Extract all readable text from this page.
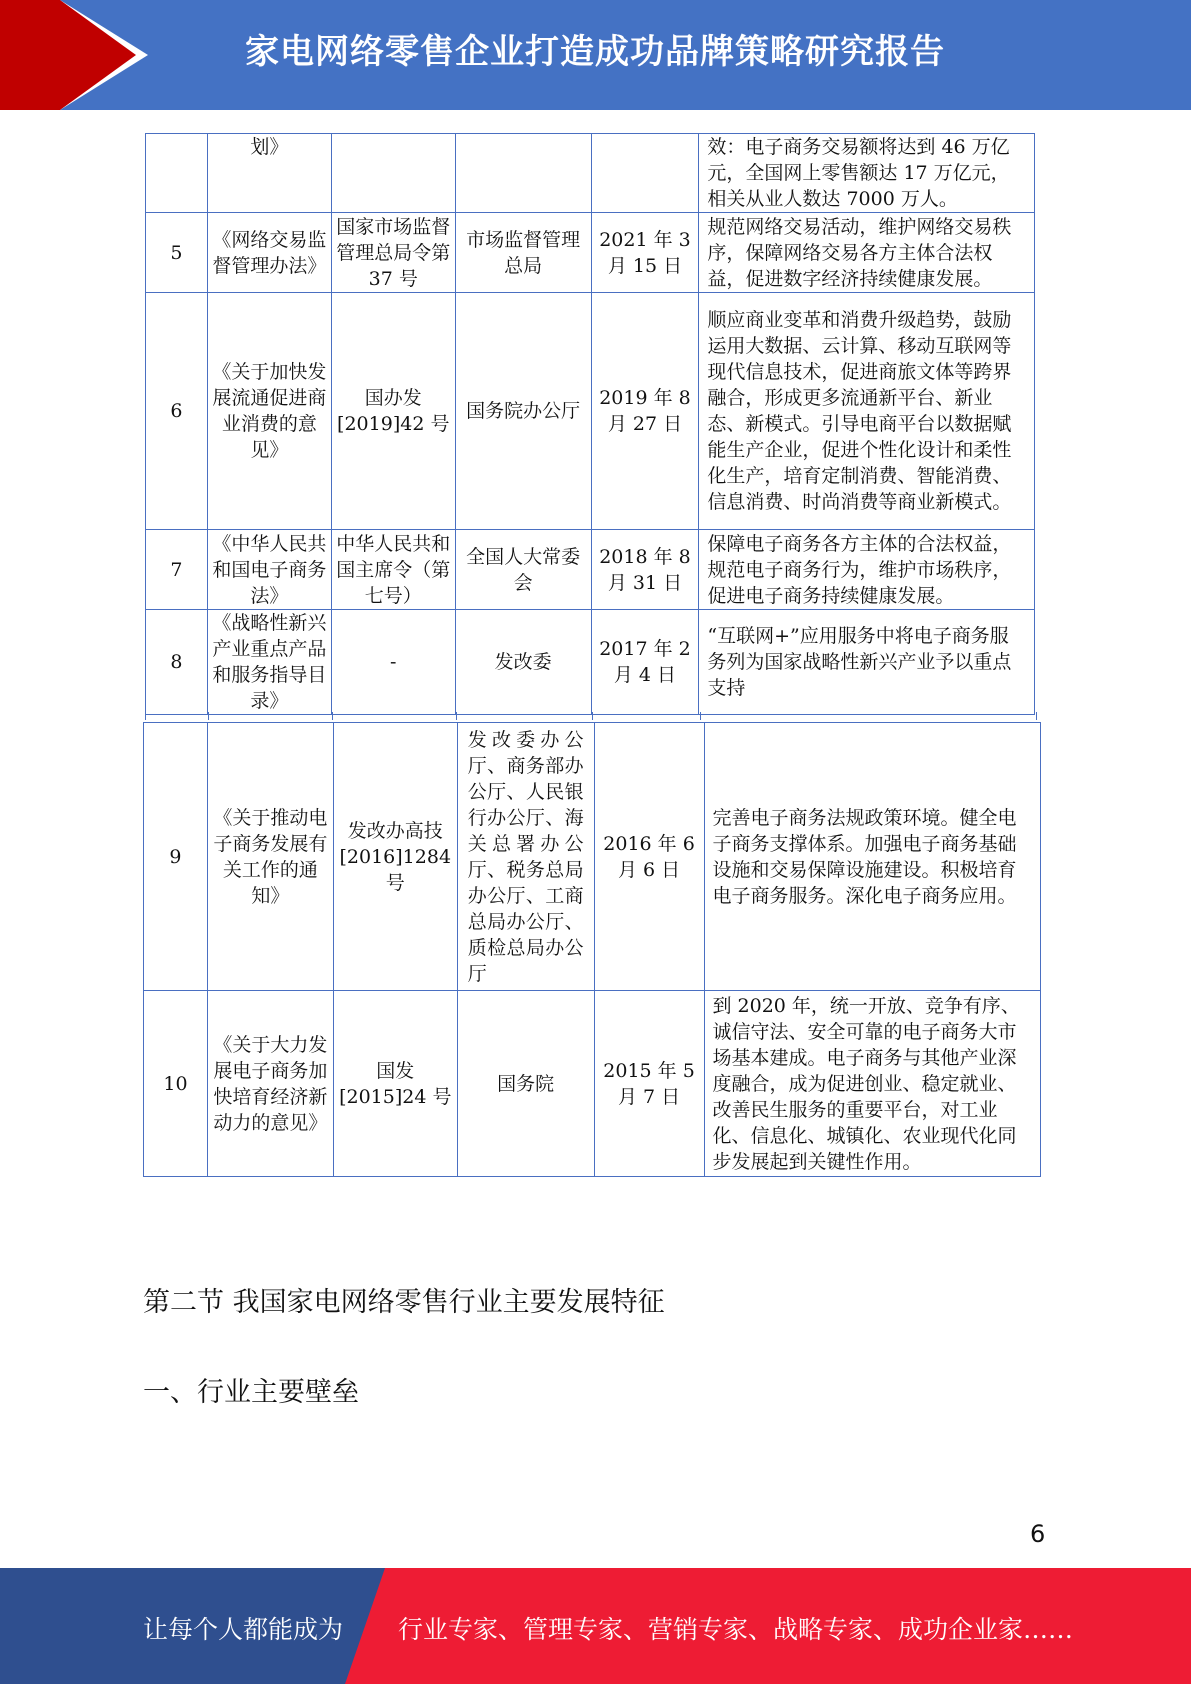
家电网络零售企业打造成功品牌策略研究报告
	划》				效：电子商务交易额将达到 46 万亿元，全国网上零售额达 17 万亿元，相关从业人数达 7000 万人。
5	《网络交易监督管理办法》	国家市场监督管理总局令第 37 号	市场监督管理总局	2021 年 3 月 15 日	规范网络交易活动，维护网络交易秩序，保障网络交易各方主体合法权益，促进数字经济持续健康发展。
6	《关于加快发展流通促进商业消费的意见》	国办发 [2019]42 号	国务院办公厅	2019 年 8 月 27 日	顺应商业变革和消费升级趋势，鼓励运用大数据、云计算、移动互联网等现代信息技术，促进商旅文体等跨界融合，形成更多流通新平台、新业态、新模式。引导电商平台以数据赋能生产企业，促进个性化设计和柔性化生产，培育定制消费、智能消费、信息消费、时尚消费等商业新模式。
7	《中华人民共和国电子商务法》	中华人民共和国主席令（第七号）	全国人大常委会	2018 年 8 月 31 日	保障电子商务各方主体的合法权益，规范电子商务行为，维护市场秩序，促进电子商务持续健康发展。
8	《战略性新兴产业重点产品和服务指导目录》	-	发改委	2017 年 2 月 4 日	“互联网+”应用服务中将电子商务服务列为国家战略性新兴产业予以重点支持
9	《关于推动电子商务发展有关工作的通知》	发改办高技 [2016]1284 号	发改委办公厅、商务部办公厅、人民银行办公厅、海关总署办公厅、税务总局办公厅、工商总局办公厅、质检总局办公厅	2016 年 6 月 6 日	完善电子商务法规政策环境。健全电子商务支撑体系。加强电子商务基础设施和交易保障设施建设。积极培育电子商务服务。深化电子商务应用。
10	《关于大力发展电子商务加快培育经济新动力的意见》	国发 [2015]24 号	国务院	2015 年 5 月 7 日	到 2020 年，统一开放、竞争有序、诚信守法、安全可靠的电子商务大市场基本建成。电子商务与其他产业深度融合，成为促进创业、稳定就业、改善民生服务的重要平台，对工业化、信息化、城镇化、农业现代化同步发展起到关键性作用。
第二节 我国家电网络零售行业主要发展特征
一、行业主要壁垒
6
让每个人都能成为 行业专家、管理专家、营销专家、战略专家、成功企业家……
